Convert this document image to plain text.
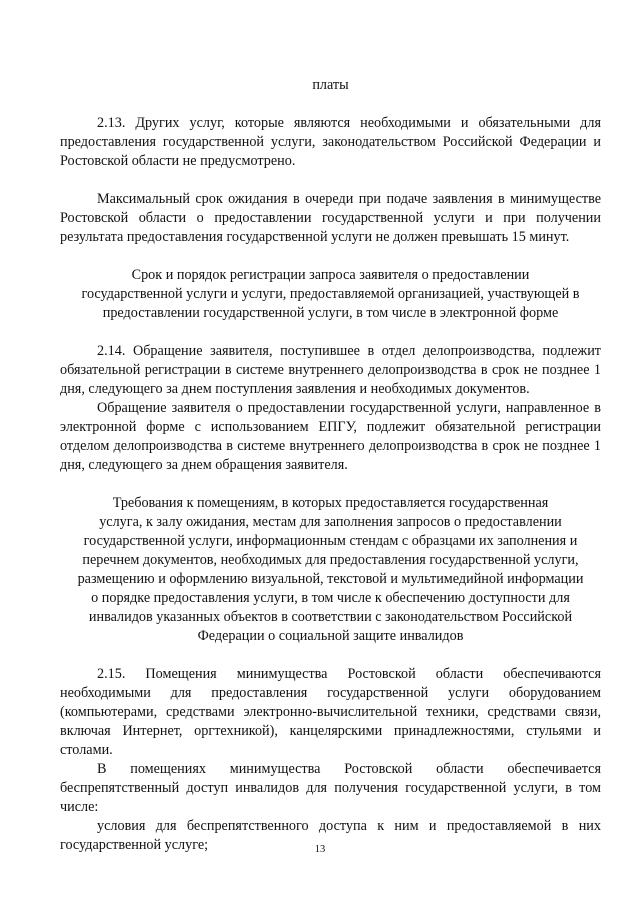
платы

2.13. Других услуг, которые являются необходимыми и обязательными для предоставления государственной услуги, законодательством Российской Федерации и Ростовской области не предусмотрено.

Максимальный срок ожидания в очереди при подаче заявления в минимуществе Ростовской области о предоставлении государственной услуги и при получении результата предоставления государственной услуги не должен превышать 15 минут.

Срок и порядок регистрации запроса заявителя о предоставлении
государственной услуги и услуги, предоставляемой организацией, участвующей в
предоставлении государственной услуги, в том числе в электронной форме

2.14. Обращение заявителя, поступившее в отдел делопроизводства, подлежит обязательной регистрации в системе внутреннего делопроизводства в срок не позднее 1 дня, следующего за днем поступления заявления и необходимых документов.

Обращение заявителя о предоставлении государственной услуги, направленное в электронной форме с использованием ЕПГУ, подлежит обязательной регистрации отделом делопроизводства в системе внутреннего делопроизводства в срок не позднее 1 дня, следующего за днем обращения заявителя.

Требования к помещениям, в которых предоставляется государственная
услуга, к залу ожидания, местам для заполнения запросов о предоставлении
государственной услуги, информационным стендам с образцами их заполнения и
перечнем документов, необходимых для предоставления государственной услуги,
размещению и оформлению визуальной, текстовой и мультимедийной информации
о порядке предоставления услуги, в том числе к обеспечению доступности для
инвалидов указанных объектов в соответствии с законодательством Российской
Федерации о социальной защите инвалидов

2.15. Помещения минимущества Ростовской области обеспечиваются необходимыми для предоставления государственной услуги оборудованием (компьютерами, средствами электронно-вычислительной техники, средствами связи, включая Интернет, оргтехникой), канцелярскими принадлежностями, стульями и столами.

В помещениях минимущества Ростовской области обеспечивается беспрепятственный доступ инвалидов для получения государственной услуги, в том числе:

условия для беспрепятственного доступа к ним и предоставляемой в них государственной услуге;	13
